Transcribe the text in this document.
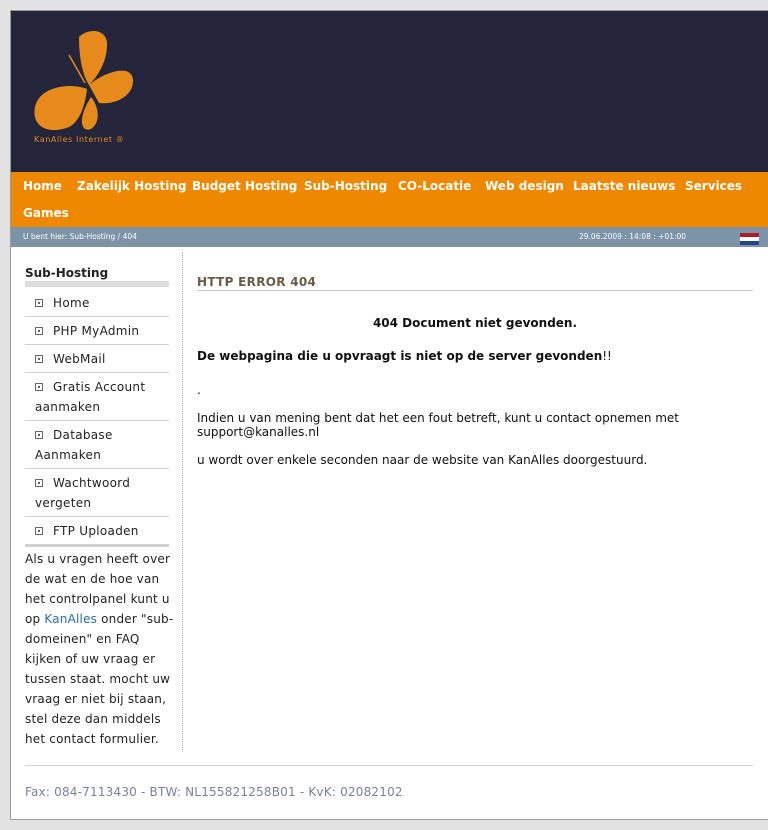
KanAlles Internet ®
Home Zakelijk Hosting Budget Hosting Sub-Hosting CO-Locatie Web design Laatste nieuws Services
Games
U bent hier: Sub-Hosting / 404	29.06.2009 : 14:08 : +01:00
Sub-Hosting
Home
PHP MyAdmin
WebMail
Gratis Account aanmaken
Database Aanmaken
Wachtwoord vergeten
FTP Uploaden
Als u vragen heeft over de wat en de hoe van het controlpanel kunt u op KanAlles onder "sub-domeinen" en FAQ kijken of uw vraag er tussen staat. mocht uw vraag er niet bij staan, stel deze dan middels het contact formulier.
HTTP ERROR 404
404 Document niet gevonden.
De webpagina die u opvraagt is niet op de server gevonden!!
.
Indien u van mening bent dat het een fout betreft, kunt u contact opnemen met support@kanalles.nl
u wordt over enkele seconden naar de website van KanAlles doorgestuurd.
Fax: 084-7113430 - BTW: NL155821258B01 - KvK: 02082102
